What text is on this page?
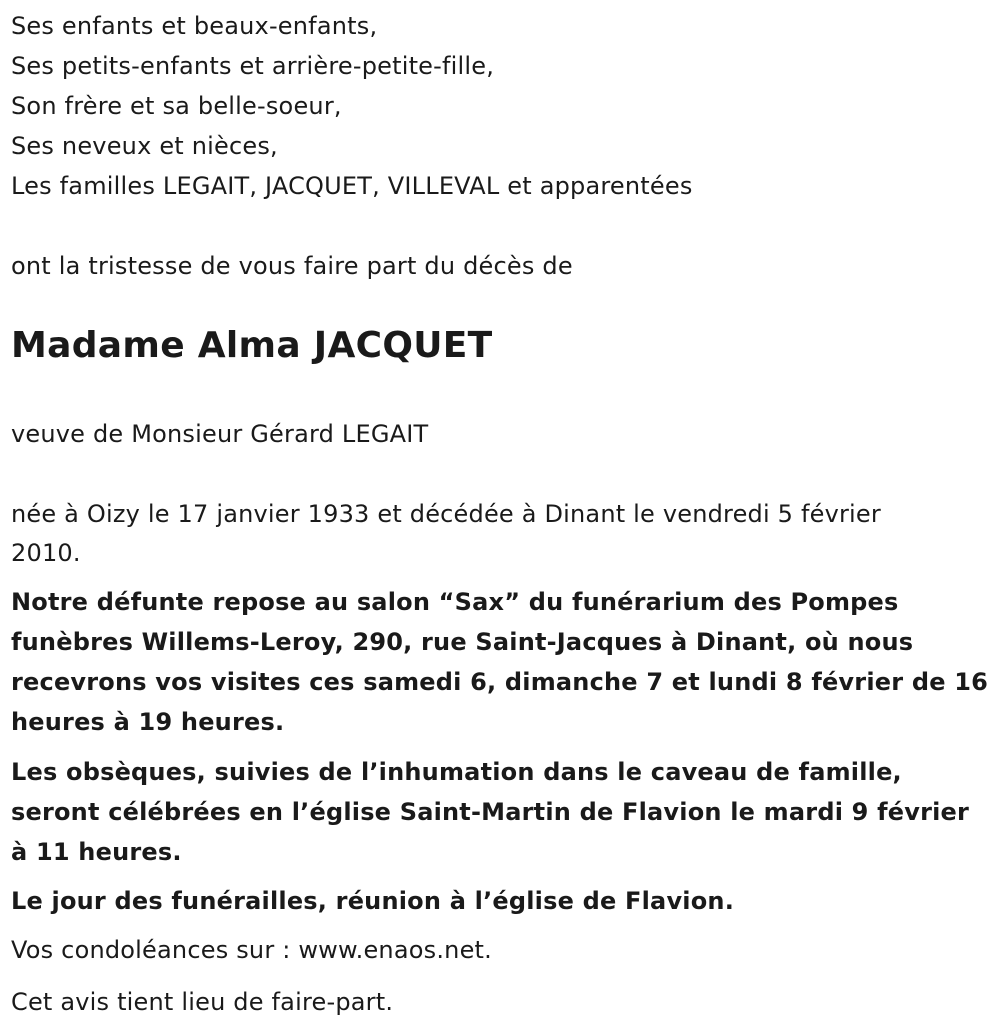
Ses enfants et beaux-enfants,
Ses petits-enfants et arrière-petite-fille,
Son frère et sa belle-soeur,
Ses neveux et nièces,
Les familles LEGAIT, JACQUET, VILLEVAL et apparentées
ont la tristesse de vous faire part du décès de
Madame Alma JACQUET
veuve de Monsieur Gérard LEGAIT
née à Oizy le 17 janvier 1933 et décédée à Dinant le vendredi 5 février
2010.
Notre défunte repose au salon “Sax” du funérarium des Pompes
funèbres Willems-Leroy, 290, rue Saint-Jacques à Dinant, où nous
recevrons vos visites ces samedi 6, dimanche 7 et lundi 8 février de 16
heures à 19 heures.
Les obsèques, suivies de l’inhumation dans le caveau de famille,
seront célébrées en l’église Saint-Martin de Flavion le mardi 9 février
à 11 heures.
Le jour des funérailles, réunion à l’église de Flavion.
Vos condoléances sur : www.enaos.net.
Cet avis tient lieu de faire-part.
